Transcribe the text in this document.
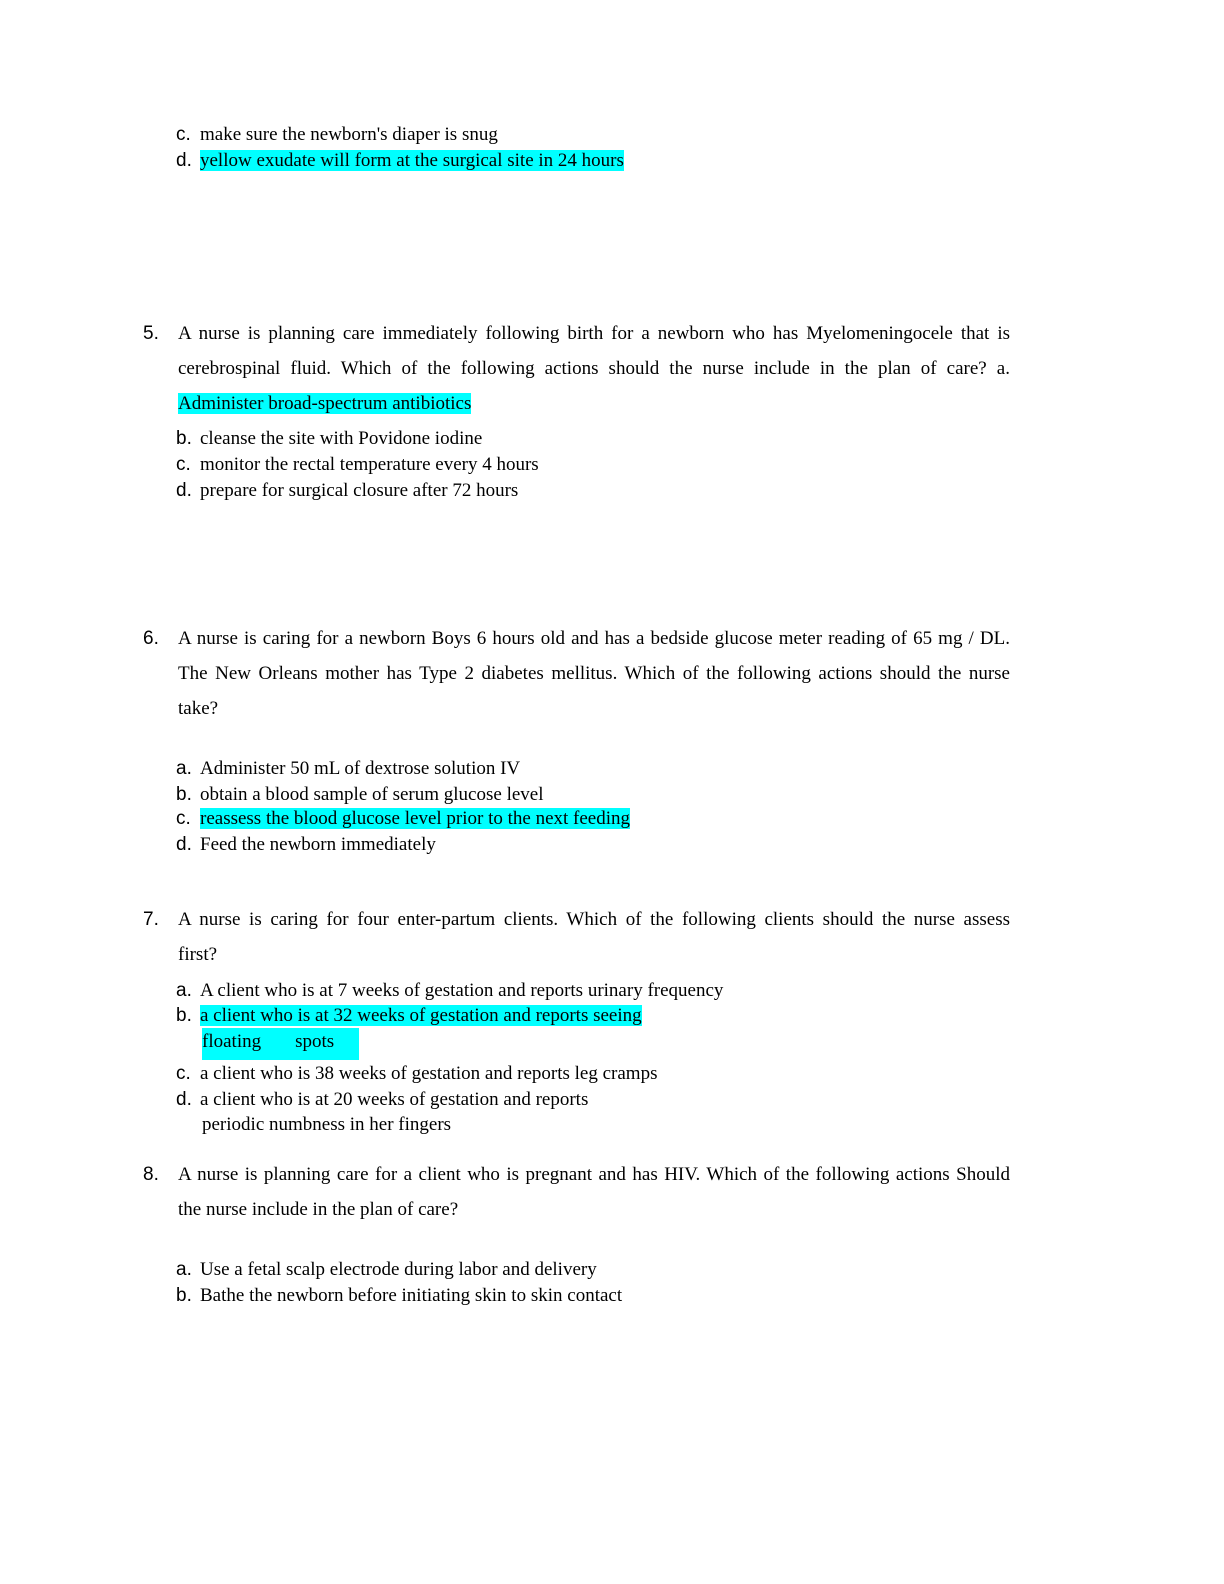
c. make sure the newborn's diaper is snug
d. yellow exudate will form at the surgical site in 24 hours
5. A nurse is planning care immediately following birth for a newborn who has Myelomeningocele that is
cerebrospinal fluid. Which of the following actions should the nurse include in the plan of care? a.
Administer broad-spectrum antibiotics
b. cleanse the site with Povidone iodine
c. monitor the rectal temperature every 4 hours
d. prepare for surgical closure after 72 hours
6. A nurse is caring for a newborn Boys 6 hours old and has a bedside glucose meter reading of 65 mg / DL.
The New Orleans mother has Type 2 diabetes mellitus. Which of the following actions should the nurse
take?
a. Administer 50 mL of dextrose solution IV
b. obtain a blood sample of serum glucose level
c. reassess the blood glucose level prior to the next feeding
d. Feed the newborn immediately
7. A nurse is caring for four enter-partum clients. Which of the following clients should the nurse assess
first?
a. A client who is at 7 weeks of gestation and reports urinary frequency
b. a client who is at 32 weeks of gestation and reports seeing
floating spots
c. a client who is 38 weeks of gestation and reports leg cramps
d. a client who is at 20 weeks of gestation and reports
periodic numbness in her fingers
8. A nurse is planning care for a client who is pregnant and has HIV. Which of the following actions Should
the nurse include in the plan of care?
a. Use a fetal scalp electrode during labor and delivery
b. Bathe the newborn before initiating skin to skin contact
